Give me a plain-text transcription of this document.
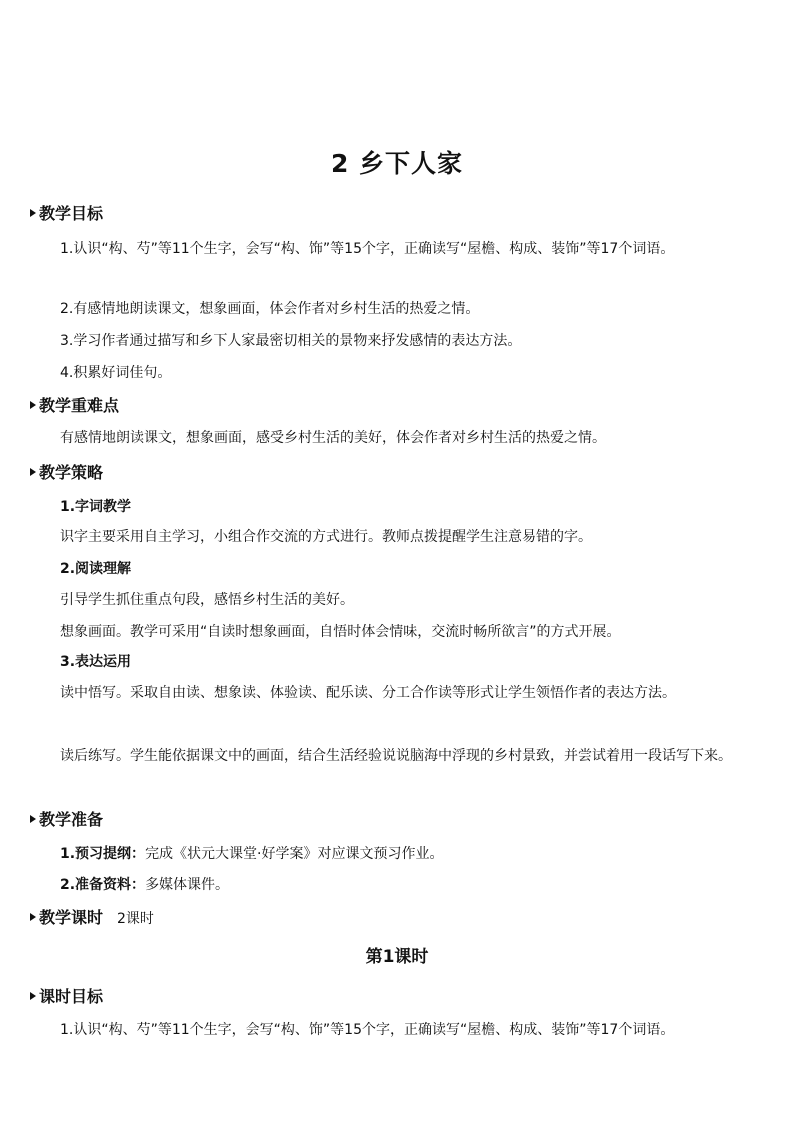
2 乡下人家
教学目标
1.认识“构、芍”等11个生字，会写“构、饰”等15个字，正确读写“屋檐、构成、装饰”等17个词语。
2.有感情地朗读课文，想象画面，体会作者对乡村生活的热爱之情。
3.学习作者通过描写和乡下人家最密切相关的景物来抒发感情的表达方法。
4.积累好词佳句。
教学重难点
有感情地朗读课文，想象画面，感受乡村生活的美好，体会作者对乡村生活的热爱之情。
教学策略
1.字词教学
识字主要采用自主学习，小组合作交流的方式进行。教师点拨提醒学生注意易错的字。
2.阅读理解
引导学生抓住重点句段，感悟乡村生活的美好。
想象画面。教学可采用“自读时想象画面，自悟时体会情味，交流时畅所欲言”的方式开展。
3.表达运用
读中悟写。采取自由读、想象读、体验读、配乐读、分工合作读等形式让学生领悟作者的表达方法。
读后练写。学生能依据课文中的画面，结合生活经验说说脑海中浮现的乡村景致，并尝试着用一段话写下来。
教学准备
1.预习提纲：完成《状元大课堂·好学案》对应课文预习作业。
2.准备资料：多媒体课件。
教学课时 2课时
第1课时
课时目标
1.认识“构、芍”等11个生字，会写“构、饰”等15个字，正确读写“屋檐、构成、装饰”等17个词语。
